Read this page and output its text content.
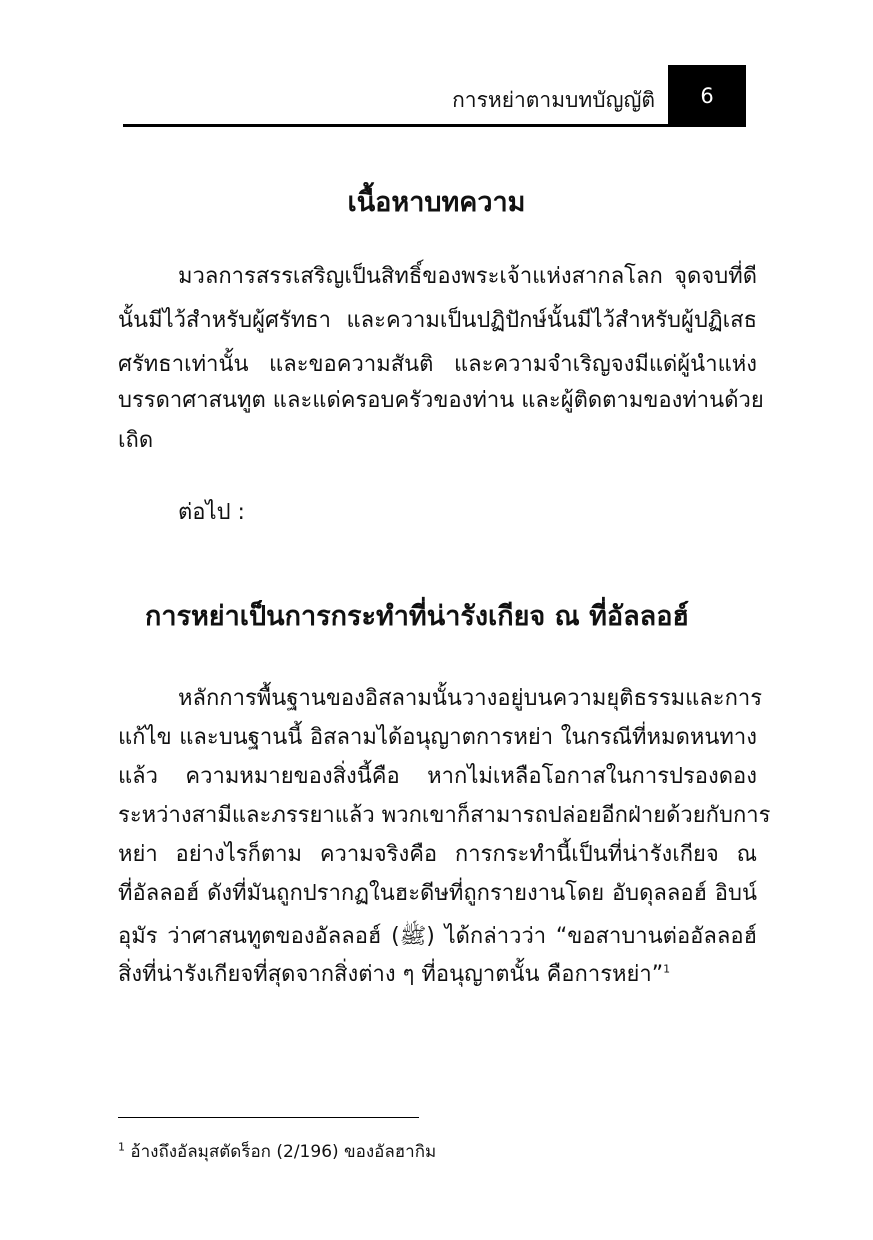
การหย่าตามบทบัญญัติ 6
เนื้อหาบทความ
มวลการสรรเสริญเป็นสิทธิ์ของพระเจ้าแห่งสากลโลก จุดจบที่ดี
นั้นมีไว้สำหรับผู้ศรัทธา และความเป็นปฏิปักษ์นั้นมีไว้สำหรับผู้ปฏิเสธ
ศรัทธาเท่านั้น และขอความสันติ และความจำเริญจงมีแด่ผู้นำแห่ง
บรรดาศาสนทูต และแด่ครอบครัวของท่าน และผู้ติดตามของท่านด้วย
เถิด
ต่อไป :
การหย่าเป็นการกระทำที่น่ารังเกียจ ณ ที่อัลลอฮ์
หลักการพื้นฐานของอิสลามนั้นวางอยู่บนความยุติธรรมและการ
แก้ไข และบนฐานนี้ อิสลามได้อนุญาตการหย่า ในกรณีที่หมดหนทาง
แล้ว ความหมายของสิ่งนี้คือ หากไม่เหลือโอกาสในการปรองดอง
ระหว่างสามีและภรรยาแล้ว พวกเขาก็สามารถปล่อยอีกฝ่ายด้วยกับการ
หย่า อย่างไรก็ตาม ความจริงคือ การกระทำนี้เป็นที่น่ารังเกียจ ณ
ที่อัลลอฮ์ ดังที่มันถูกปรากฏในฮะดีษที่ถูกรายงานโดย อับดุลลอฮ์ อิบน์
อุมัร ว่าศาสนทูตของอัลลอฮ์ (ﷺ) ได้กล่าวว่า “ขอสาบานต่ออัลลอฮ์
สิ่งที่น่ารังเกียจที่สุดจากสิ่งต่าง ๆ ที่อนุญาตนั้น คือการหย่า”$^1$
$^1$ อ้างถึงอัลมุสตัดร็อก (2/196) ของอัลฮากิม
